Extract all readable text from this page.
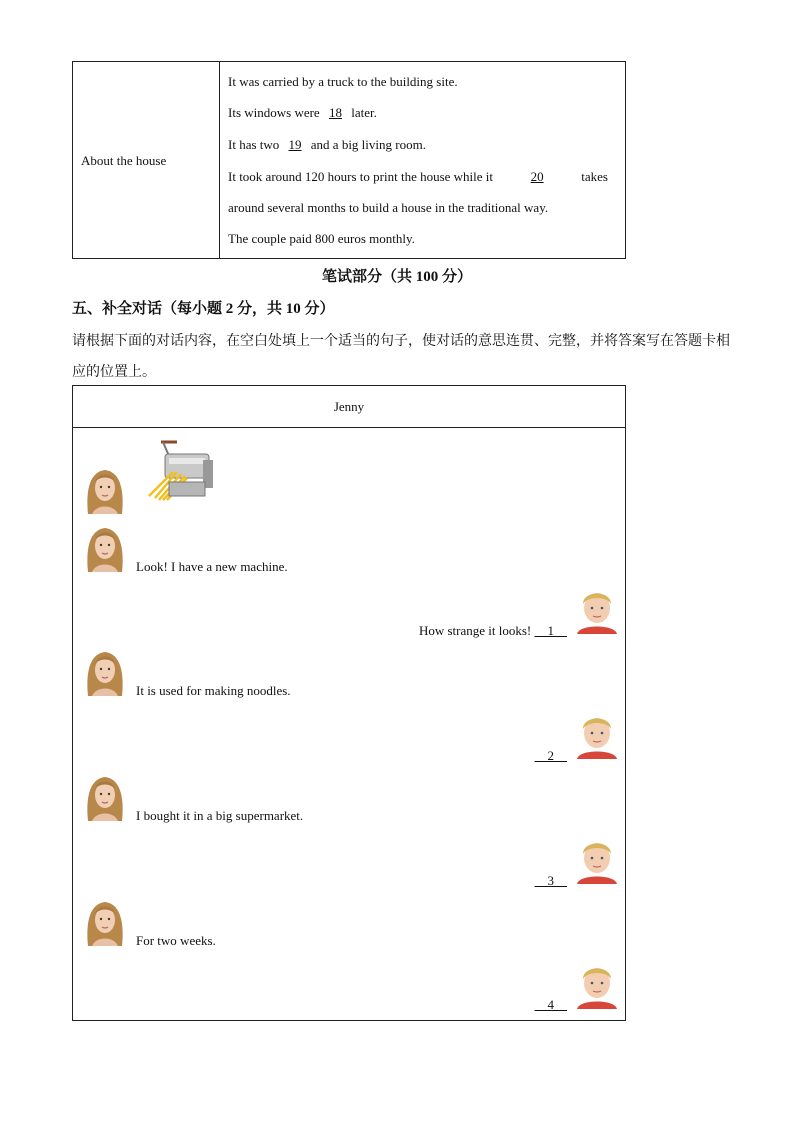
About the house
It was carried by a truck to the building site.
Its windows were 18 later.
It has two 19 and a big living room.
It took around 120 hours to print the house while it	20	takes
around several months to build a house in the traditional way.
The couple paid 800 euros monthly.
笔试部分（共 100 分）
五、补全对话（每小题 2 分，共 10 分）
请根据下面的对话内容，在空白处填上一个适当的句子，使对话的意思连贯、完整，并将答案写在答题卡相应的位置上。
Jenny
Look! I have a new machine.
How strange it looks! 1
It is used for making noodles.
2
I bought it in a big supermarket.
3
For two weeks.
4
